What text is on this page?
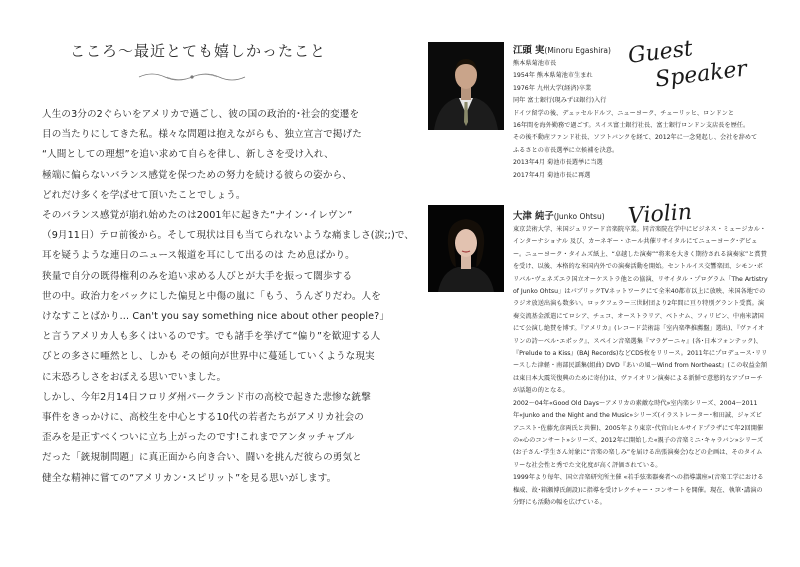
こころ～最近とても嬉しかったこと

人生の3分の2ぐらいをアメリカで過ごし、彼の国の政治的･社会的変遷を

目の当たりにしてきた私。様々な問題は抱えながらも、独立宣言で掲げた

“人間としての理想”を追い求めて自らを律し、新しさを受け入れ、

極端に偏らないバランス感覚を保つための努力を続ける彼らの姿から、

どれだけ多くを学ばせて頂いたことでしょう。

そのバランス感覚が崩れ始めたのは2001年に起きた“ナイン･イレヴン”

（9月11日）テロ前後から。そして現状は目も当てられないような痛ましさ(涙;;)で、

耳を疑うような連日のニュース報道を耳にして出るのは ため息ばかり。

狭量で自分の既得権利のみを追い求める人びとが大手を振って闊歩する

世の中。政治力をバックにした偏見と中傷の嵐に「もう、うんざりだわ。人を

けなすことばかり… Can't you say something nice about other people?」

と言うアメリカ人も多くはいるのです。でも諸手を挙げて“偏り”を歓迎する人

びとの多さに唖然とし、しかも その傾向が世界中に蔓延していくような現実

に末恐ろしさをおぼえる思いでいました。

しかし、今年2月14日フロリダ州パークランド市の高校で起きた悲惨な銃撃

事件をきっかけに、高校生を中心とする10代の若者たちがアメリカ社会の

歪みを是正すべくついに立ち上がったのです!これまでアンタッチャブル

だった「銃規制問題」に真正面から向き合い、闘いを挑んだ彼らの勇気と

健全な精神に嘗ての“アメリカン･スピリット”を見る思いがします。

Guest
Speaker
Violin
江頭 実(Minoru Egashira)

熊本県菊池市長

1954年 熊本県菊池市生まれ

1976年 九州大学(経済)卒業

同年 富士銀行(現みずほ銀行)入行

ドイツ留学の後、デュッセルドルフ、ニューヨーク、チューリッヒ、ロンドンと

16年間を海外勤務で過ごす。スイス富士銀行社長、富士銀行ロンドン支店長を歴任。

その後不動産ファンド社長、ソフトバンクを経て、2012年に一念発起し、会社を辞めて

ふるさとの市長選挙に立候補を決意。

2013年4月 菊池市長選挙に当選

2017年4月 菊池市長に再選

大津 純子(Junko Ohtsu)

東京芸術大学、米国ジュリアード音楽院卒業。同音楽院在学中にビジネス・ミュージカル・インターナショナル 及び、カーネギー・ホール共催リサイタルにてニューヨーク･デビュー。ニューヨーク・タイムズ紙上、“卓越した演奏”“将来を大きく期待される演奏家”と賞賛を受け、以後、本格的な米国内外での演奏活動を開始。セントルイス交響楽団、シモン･ボリバル･ヴェネズエラ国立オーケストラ他との協演、リサイタル・プログラム「The Artistry of Junko Ohtsu」はパブリックTVネットワークにて全米40都市以上に放映、米国各地でのラジオ放送出演も数多い。ロックフェラー三世財団より2年間に亘り特別グラント受賞。演奏交流基金派遣にてロシア、チェコ、オーストラリア、ベトナム、フィリピン、中南米諸国にて公演し絶賛を博す。『アメリカ』(レコード芸術誌「室内楽準推薦盤」選出)、『ヴァイオリンの詩～ベル･エポック』、スペイン音楽選集『マラゲーニャ』(各･日本フォンテック)、『Prelude to a Kiss』(BAJ Records)などCD5枚をリリース。2011年にプロデュース･リリースした津軽・南部民謡集(組曲) DVD『あいの風～Wind from Northeast』(この収益金額は東日本大震災復興のために寄付)は、ヴァイオリン演奏による新鮮で意慾的なアプローチが話題の的となる。

2002～04年«Good Old Days～アメリカの素敵な時代»室内楽シリーズ、2004～2011年«Junko and the Night and the Music»シリーズ(イラストレーター･和田誠、ジャズピアニスト･佐藤允彦両氏と共催)、2005年より東京･代官山ヒルサイドプラザにて年2回開催の«心のコンサート»シリーズ、2012年に開始した«親子の音楽ミニ･キャラバン»シリーズ(お子さん･学生さん対象に“音楽の楽しみ”を届ける出張演奏会)などの企画は、そのタイムリーな社会性と秀でた文化度が高く評価されている。

1999年より毎年、国立音楽研究所主催 «若手弦楽器奏者への指導講座»(音楽工学における権威、故･箱瀬博氏創設)に指導を受けレクチャー・コンサートを開催。現在、執筆･講演の分野にも活動の幅を広げている。
